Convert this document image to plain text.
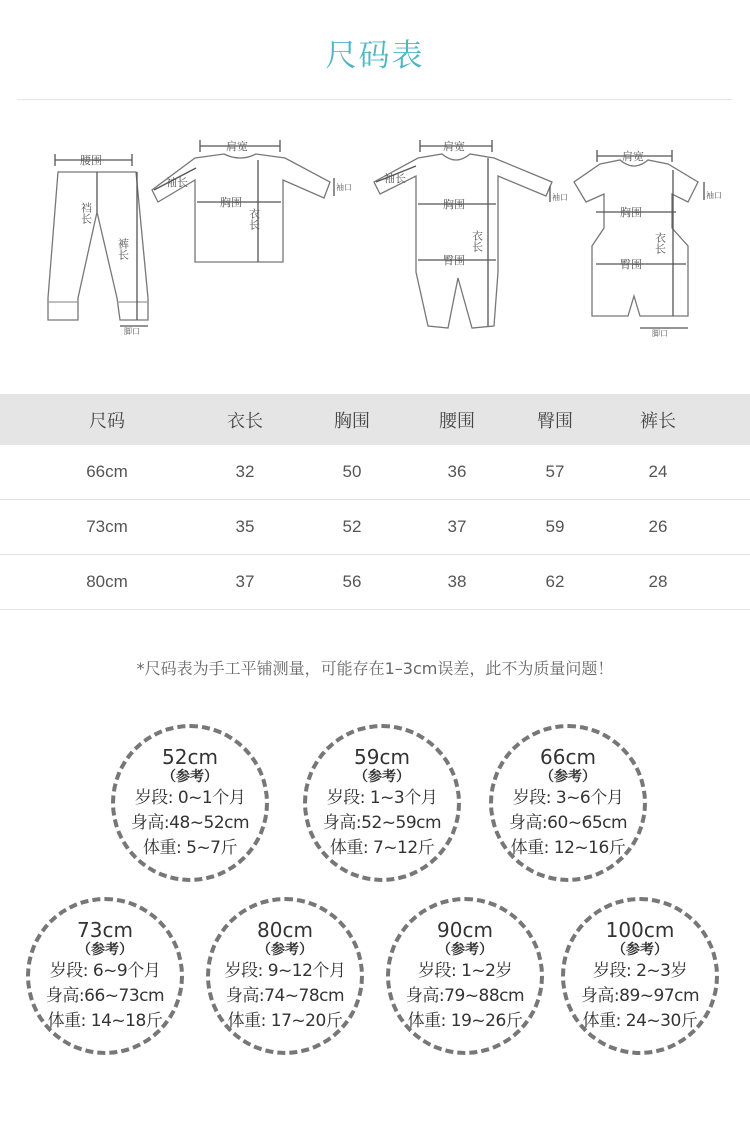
尺码表
腰围
裆长
裤长
脚口
肩宽
袖长
胸围
衣长
袖口
肩宽
袖长
胸围
臀围
衣长
袖口
肩宽
胸围
臀围
衣长
袖口
脚口
尺码	衣长	胸围	腰围	臀围	裤长
66cm	32	50	36	57	24
73cm	35	52	37	59	26
80cm	37	56	38	62	28
*尺码表为手工平铺测量，可能存在1–3cm误差，此不为质量问题！
52cm
（参考）
岁段: 0~1个月
身高:48~52cm
体重: 5~7斤
59cm
（参考）
岁段: 1~3个月
身高:52~59cm
体重: 7~12斤
66cm
（参考）
岁段: 3~6个月
身高:60~65cm
体重: 12~16斤
73cm
（参考）
岁段: 6~9个月
身高:66~73cm
体重: 14~18斤
80cm
（参考）
岁段: 9~12个月
身高:74~78cm
体重: 17~20斤
90cm
（参考）
岁段: 1~2岁
身高:79~88cm
体重: 19~26斤
100cm
（参考）
岁段: 2~3岁
身高:89~97cm
体重: 24~30斤
